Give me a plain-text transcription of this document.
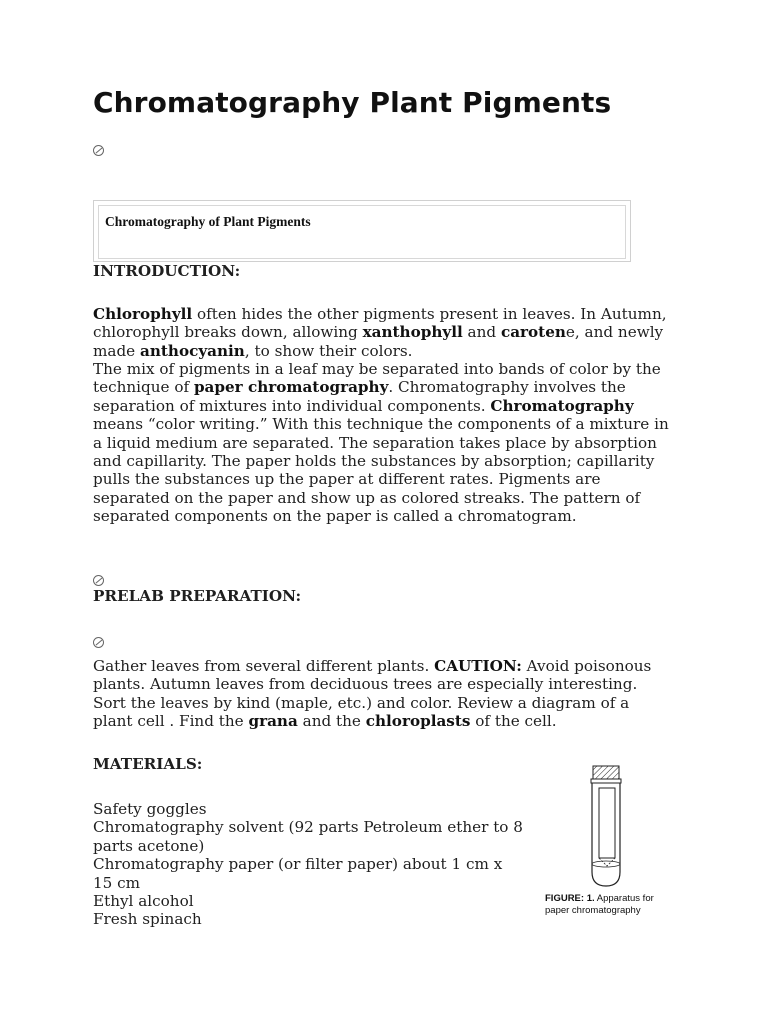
Chromatography Plant Pigments
Chromatography of Plant Pigments
INTRODUCTION:
Chlorophyll often hides the other pigments present in leaves. In Autumn, chlorophyll breaks down, allowing xanthophyll and carotene, and newly made anthocyanin, to show their colors.
The mix of pigments in a leaf may be separated into bands of color by the technique of paper chromatography. Chromatography involves the separation of mixtures into individual components. Chromatography means “color writing.” With this technique the components of a mixture in a liquid medium are separated. The separation takes place by absorption and capillarity. The paper holds the substances by absorption; capillarity pulls the substances up the paper at different rates. Pigments are separated on the paper and show up as colored streaks. The pattern of separated components on the paper is called a chromatogram.
PRELAB PREPARATION:
Gather leaves from several different plants. CAUTION: Avoid poisonous plants. Autumn leaves from deciduous trees are especially interesting. Sort the leaves by kind (maple, etc.) and color. Review a diagram of a plant cell . Find the grana and the chloroplasts of the cell.
MATERIALS:
Safety goggles
Chromatography solvent (92 parts Petroleum ether to 8 parts acetone)
Chromatography paper (or filter paper) about 1 cm x 15 cm
Ethyl alcohol
Fresh spinach
FIGURE: 1. Apparatus for paper chromatography
